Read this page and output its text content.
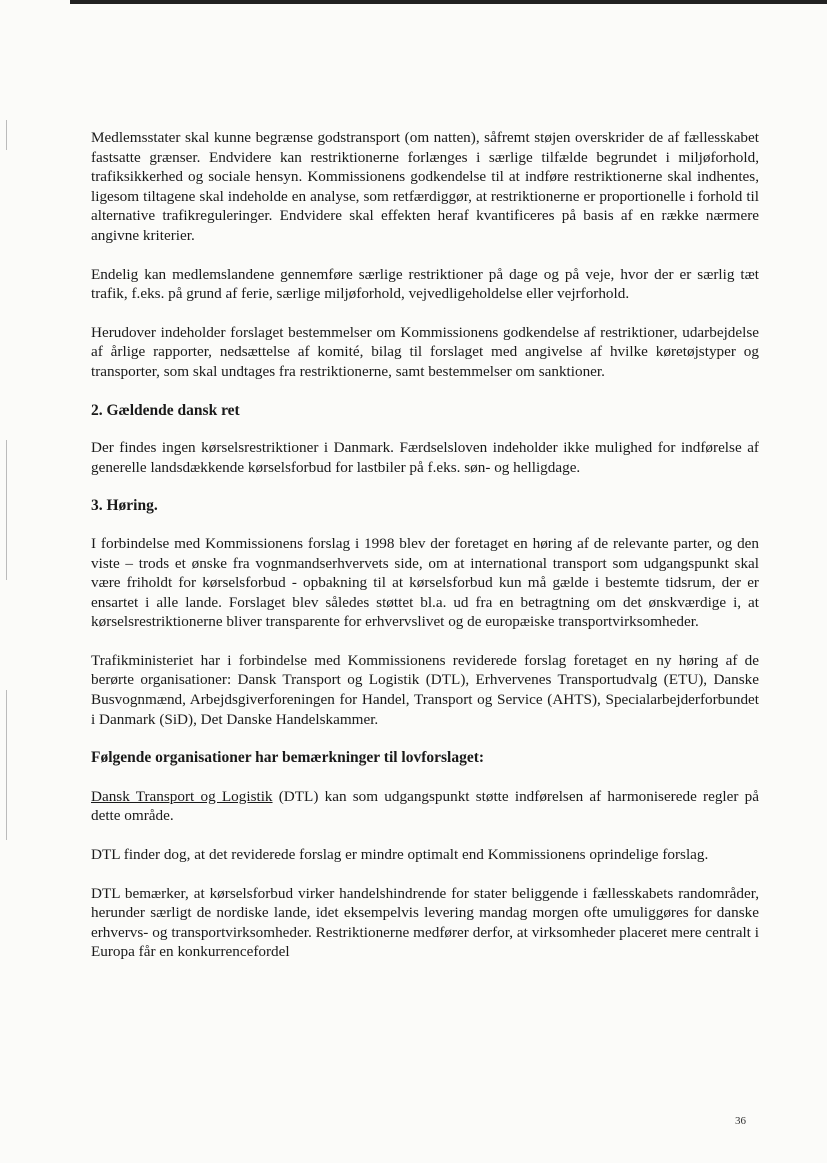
Medlemsstater skal kunne begrænse godstransport (om natten), såfremt støjen overskrider de af fællesskabet fastsatte grænser. Endvidere kan restriktionerne forlænges i særlige tilfælde begrundet i miljøforhold, trafiksikkerhed og sociale hensyn. Kommissionens godkendelse til at indføre restriktionerne skal indhentes, ligesom tiltagene skal indeholde en analyse, som retfærdiggør, at restriktionerne er proportionelle i forhold til alternative trafikreguleringer. Endvidere skal effekten heraf kvantificeres på basis af en række nærmere angivne kriterier.

Endelig kan medlemslandene gennemføre særlige restriktioner på dage og på veje, hvor der er særlig tæt trafik, f.eks. på grund af ferie, særlige miljøforhold, vejvedligeholdelse eller vejrforhold.

Herudover indeholder forslaget bestemmelser om Kommissionens godkendelse af restriktioner, udarbejdelse af årlige rapporter, nedsættelse af komité, bilag til forslaget med angivelse af hvilke køretøjstyper og transporter, som skal undtages fra restriktionerne, samt bestemmelser om sanktioner.

2. Gældende dansk ret

Der findes ingen kørselsrestriktioner i Danmark. Færdselsloven indeholder ikke mulighed for indførelse af generelle landsdækkende kørselsforbud for lastbiler på f.eks. søn- og helligdage.

3. Høring.

I forbindelse med Kommissionens forslag i 1998 blev der foretaget en høring af de relevante parter, og den viste – trods et ønske fra vognmandserhvervets side, om at international transport som udgangspunkt skal være friholdt for kørselsforbud - opbakning til at kørselsforbud kun må gælde i bestemte tidsrum, der er ensartet i alle lande. Forslaget blev således støttet bl.a. ud fra en betragtning om det ønskværdige i, at kørselsrestriktionerne bliver transparente for erhvervslivet og de europæiske transportvirksomheder.

Trafikministeriet har i forbindelse med Kommissionens reviderede forslag foretaget en ny høring af de berørte organisationer: Dansk Transport og Logistik (DTL), Erhvervenes Transportudvalg (ETU), Danske Busvognmænd, Arbejdsgiverforeningen for Handel, Transport og Service (AHTS), Specialarbejderforbundet i Danmark (SiD), Det Danske Handelskammer.

Følgende organisationer har bemærkninger til lovforslaget:

Dansk Transport og Logistik (DTL) kan som udgangspunkt støtte indførelsen af harmoniserede regler på dette område.

DTL finder dog, at det reviderede forslag er mindre optimalt end Kommissionens oprindelige forslag.

DTL bemærker, at kørselsforbud virker handelshindrende for stater beliggende i fællesskabets randområder, herunder særligt de nordiske lande, idet eksempelvis levering mandag morgen ofte umuliggøres for danske erhvervs- og transportvirksomheder. Restriktionerne medfører derfor, at virksomheder placeret mere centralt i Europa får en konkurrencefordel

36
